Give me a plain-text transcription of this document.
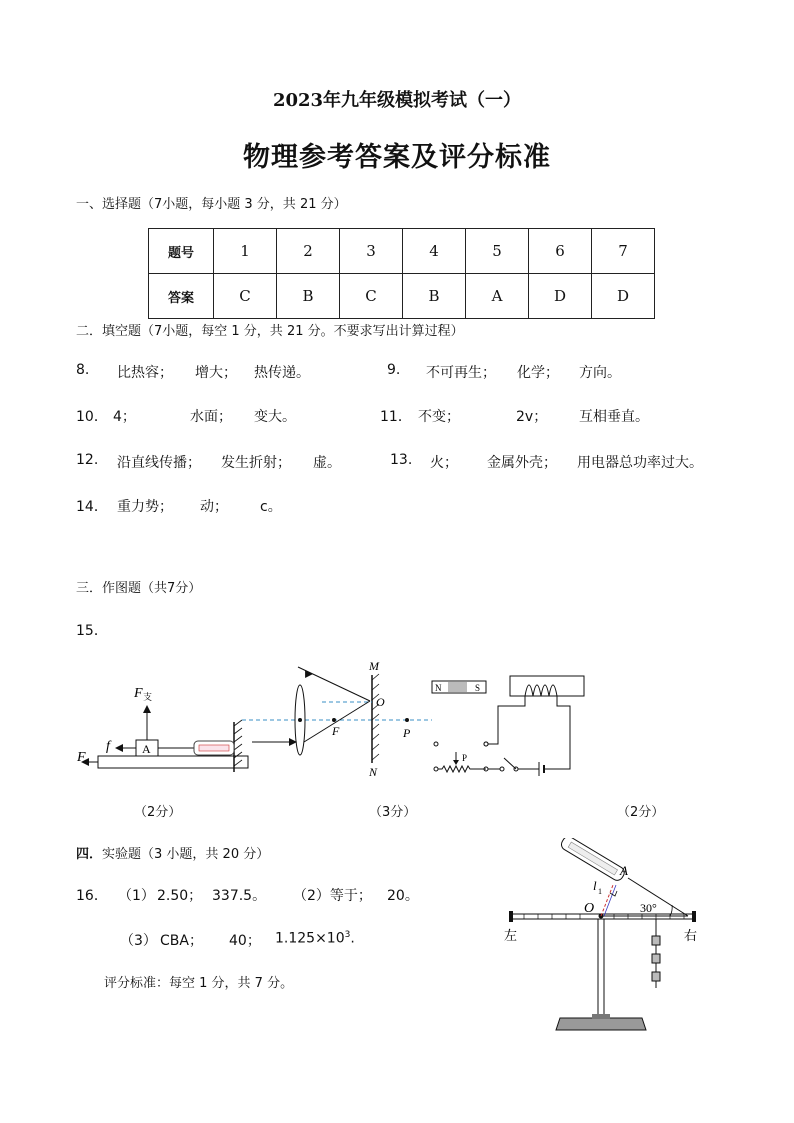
2023年九年级模拟考试（一）
物理参考答案及评分标准
一、选择题（7小题，每小题 3 分，共 21 分）
题号	1	2	3	4	5	6	7
答案	C	B	C	B	A	D	D
二．填空题（7小题，每空 1 分，共 21 分。不要求写出计算过程）
8. 比热容； 增大； 热传递。	9. 不可再生； 化学； 方向。
10． 4；	水面； 变大。	11． 不变；	2v； 互相垂直。
12. 沿直线传播； 发生折射； 虚。	13. 火； 金属外壳； 用电器总功率过大。
14． 重力势； 动； c。
三．作图题（共7分）
15．
A
F 支
f
F
M
O
F	P
N
N	S
P
（2分）	（3分）	（2分）
四．实验题（3 小题，共 20 分）
16． （1） 2.50； 337.5。 （2）等于； 20。
（3） CBA； 40； $1.125\times 10^3$.
评分标准：每空 1 分，共 7 分。
A
O
l 1
30°
左	右
